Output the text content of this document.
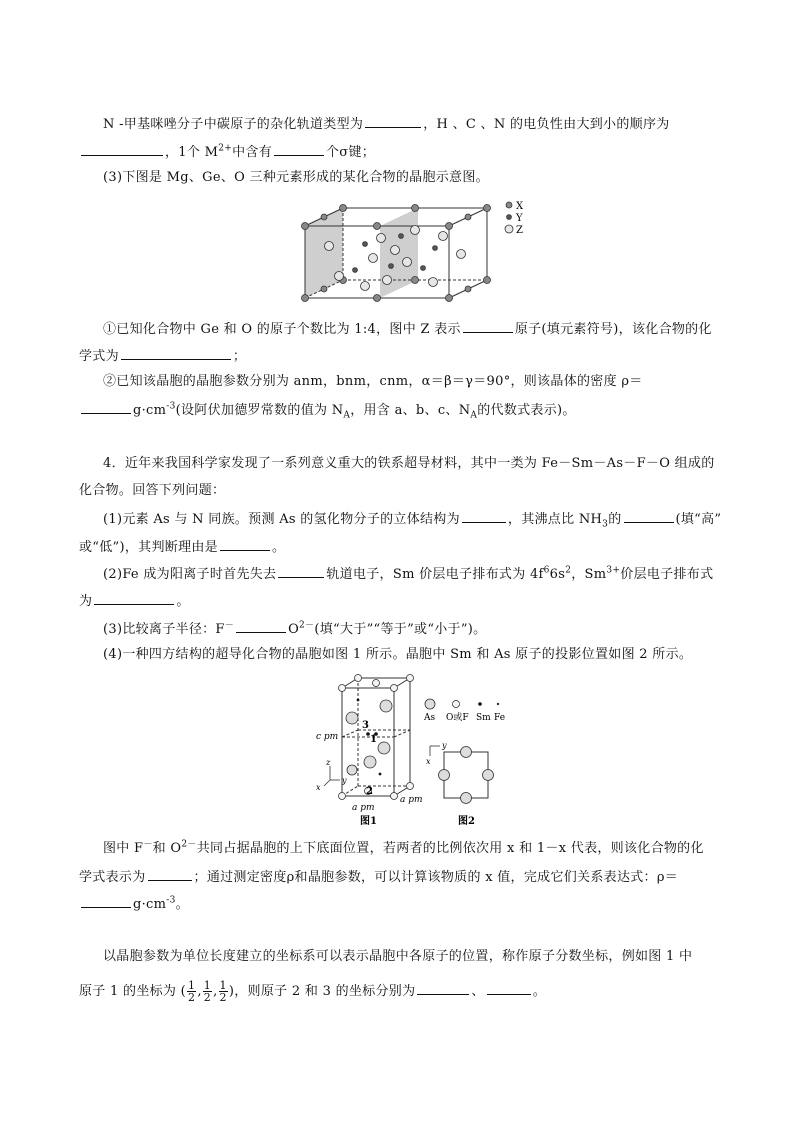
N -甲基咪唑分子中碳原子的杂化轨道类型为	，H 、C 、N 的电负性由大到小的顺序为
，1个 $M^{2+}$中含有	个σ键；
(3)下图是 Mg、Ge、O 三种元素形成的某化合物的晶胞示意图。
X
Y
Z
①已知化合物中 Ge 和 O 的原子个数比为 1:4，图中 Z 表示	原子(填元素符号)，该化合物的化
学式为	；
②已知该晶胞的晶胞参数分别为 anm，bnm，cnm，α＝β＝γ＝90°，则该晶体的密度 ρ＝
$g\cdot cm^{-3}$(设阿伏加德罗常数的值为 $N_A$，用含 a、b、c、$N_A$的代数式表示)。
4．近年来我国科学家发现了一系列意义重大的铁系超导材料，其中一类为 Fe－Sm－As－F－O 组成的
化合物。回答下列问题：
(1)元素 As 与 N 同族。预测 As 的氢化物分子的立体结构为	，其沸点比 $NH_3$的	(填“高”
或“低”)，其判断理由是	。
(2)Fe 成为阳离子时首先失去	轨道电子，Sm 价层电子排布式为 $4f^66s^2$，$Sm^{3+}$价层电子排布式
为	。
(3)比较离子半径：F－	$O^{2-}$(填“大于”“等于”或“小于”)。
(4)一种四方结构的超导化合物的晶胞如图 1 所示。晶胞中 Sm 和 As 原子的投影位置如图 2 所示。
3
1
2
c pm
a pm
a pm
z
y
x
图1
As O或F Sm Fe
y
x
图2
图中 F－和 $O^{2-}$共同占据晶胞的上下底面位置，若两者的比例依次用 x 和 1－x 代表，则该化合物的化
学式表示为	；通过测定密度ρ和晶胞参数，可以计算该物质的 x 值，完成它们关系表达式：ρ＝
$g\cdot cm^{-3}$。
以晶胞参数为单位长度建立的坐标系可以表示晶胞中各原子的位置，称作原子分数坐标，例如图 1 中
原子 1 的坐标为 ( $\frac{1}{2}$ , $\frac{1}{2}$ , $\frac{1}{2}$ )，则原子 2 和 3 的坐标分别为	、	。
